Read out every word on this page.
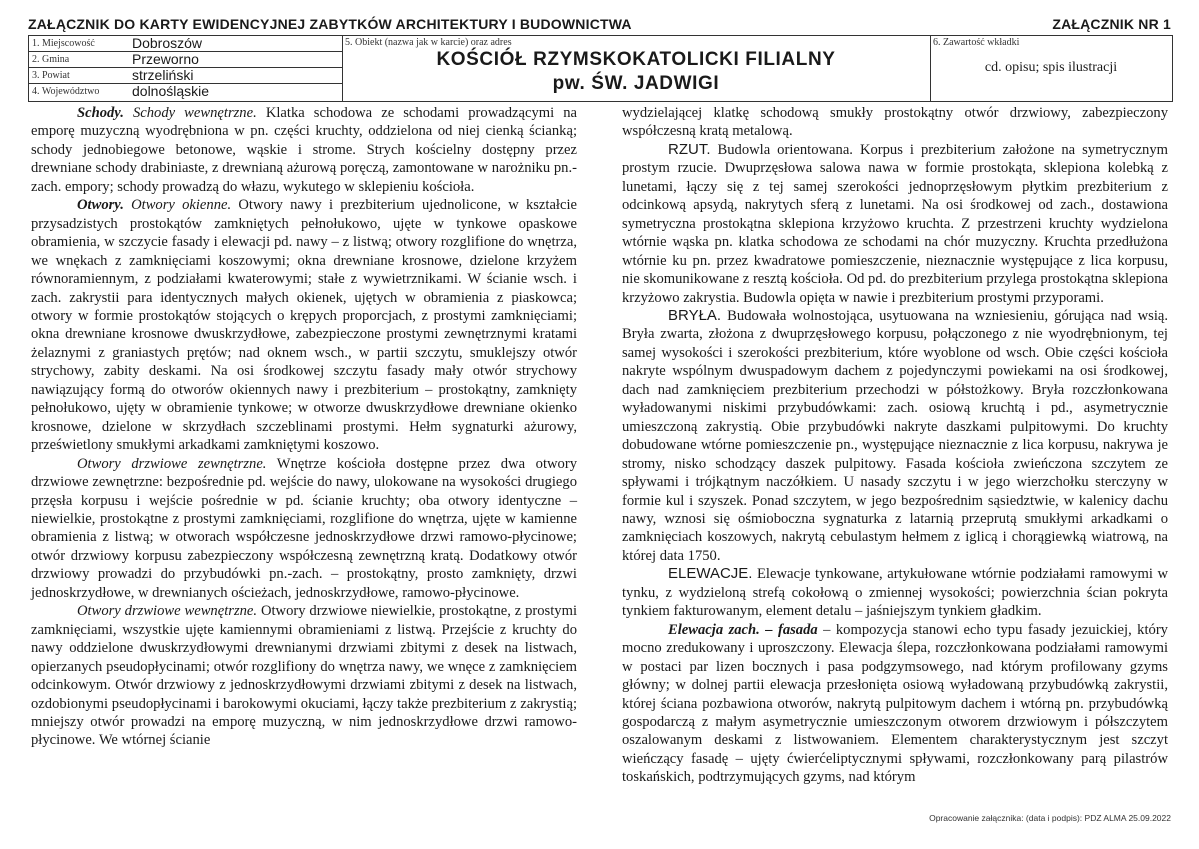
ZAŁĄCZNIK DO KARTY EWIDENCYJNEJ ZABYTKÓW ARCHITEKTURY I BUDOWNICTWA	ZAŁĄCZNIK NR 1
1. Miejscowość	Dobroszów
2. Gmina	Przeworno
3. Powiat	strzeliński
4. Województwo dolnośląskie
5. Obiekt (nazwa jak w karcie) oraz adres
KOŚCIÓŁ RZYMSKOKATOLICKI FILIALNY
pw. ŚW. JADWIGI
6. Zawartość wkładki
cd. opisu; spis ilustracji

Schody. Schody wewnętrzne. Klatka schodowa ze schodami prowadzącymi na emporę muzyczną wyodrębniona w pn. części kruchty, oddzielona od niej cienką ścianką; schody jednobiegowe betonowe, wąskie i strome. Strych kościelny dostępny przez drewniane schody drabiniaste, z drewnianą ażurową poręczą, zamontowane w narożniku pn.-zach. empory; schody prowadzą do włazu, wykutego w sklepieniu kościoła.

Otwory. Otwory okienne. Otwory nawy i prezbiterium ujednolicone, w kształcie przysadzistych prostokątów zamkniętych pełnołukowo, ujęte w tynkowe opaskowe obramienia, w szczycie fasady i elewacji pd. nawy – z listwą; otwory rozglifione do wnętrza, we wnękach z zamknięciami koszowymi; okna drewniane krosnowe, dzielone krzyżem równoramiennym, z podziałami kwaterowymi; stałe z wywietrznikami. W ścianie wsch. i zach. zakrystii para identycznych małych okienek, ujętych w obramienia z piaskowca; otwory w formie prostokątów stojących o krępych proporcjach, z prostymi zamknięciami; okna drewniane krosnowe dwuskrzydłowe, zabezpieczone prostymi zewnętrznymi kratami żelaznymi z graniastych prętów; nad oknem wsch., w partii szczytu, smuklejszy otwór strychowy, zabity deskami. Na osi środkowej szczytu fasady mały otwór strychowy nawiązujący formą do otworów okiennych nawy i prezbiterium – prostokątny, zamknięty pełnołukowo, ujęty w obramienie tynkowe; w otworze dwuskrzydłowe drewniane okienko krosnowe, dzielone w skrzydłach szczeblinami prostymi. Hełm sygnaturki ażurowy, prześwietlony smukłymi arkadkami zamkniętymi koszowo.

Otwory drzwiowe zewnętrzne. Wnętrze kościoła dostępne przez dwa otwory drzwiowe zewnętrzne: bezpośrednie pd. wejście do nawy, ulokowane na wysokości drugiego przęsła korpusu i wejście pośrednie w pd. ścianie kruchty; oba otwory identyczne – niewielkie, prostokątne z prostymi zamknięciami, rozglifione do wnętrza, ujęte w kamienne obramienia z listwą; w otworach współczesne jednoskrzydłowe drzwi ramowo-płycinowe; otwór drzwiowy korpusu zabezpieczony współczesną zewnętrzną kratą. Dodatkowy otwór drzwiowy prowadzi do przybudówki pn.-zach. – prostokątny, prosto zamknięty, drzwi jednoskrzydłowe, w drewnianych ościeżach, jednoskrzydłowe, ramowo-płycinowe.

Otwory drzwiowe wewnętrzne. Otwory drzwiowe niewielkie, prostokątne, z prostymi zamknięciami, wszystkie ujęte kamiennymi obramieniami z listwą. Przejście z kruchty do nawy oddzielone dwuskrzydłowymi drewnianymi drzwiami zbitymi z desek na listwach, opierzanych pseudopłycinami; otwór rozglifiony do wnętrza nawy, we wnęce z zamknięciem odcinkowym. Otwór drzwiowy z jednoskrzydłowymi drzwiami zbitymi z desek na listwach, ozdobionymi pseudopłycinami i barokowymi okuciami, łączy także prezbiterium z zakrystią; mniejszy otwór prowadzi na emporę muzyczną, w nim jednoskrzydłowe drzwi ramowo-płycinowe. We wtórnej ścianie

wydzielającej klatkę schodową smukły prostokątny otwór drzwiowy, zabezpieczony współczesną kratą metalową.

RZUT. Budowla orientowana. Korpus i prezbiterium założone na symetrycznym prostym rzucie. Dwuprzęsłowa salowa nawa w formie prostokąta, sklepiona kolebką z lunetami, łączy się z tej samej szerokości jednoprzęsłowym płytkim prezbiterium z odcinkową apsydą, nakrytych sferą z lunetami. Na osi środkowej od zach., dostawiona symetryczna prostokątna sklepiona krzyżowo kruchta. Z przestrzeni kruchty wydzielona wtórnie wąska pn. klatka schodowa ze schodami na chór muzyczny. Kruchta przedłużona wtórnie ku pn. przez kwadratowe pomieszczenie, nieznacznie występujące z lica korpusu, nie skomunikowane z resztą kościoła. Od pd. do prezbiterium przylega prostokątna sklepiona krzyżowo zakrystia. Budowla opięta w nawie i prezbiterium prostymi przyporami.

BRYŁA. Budowała wolnostojąca, usytuowana na wzniesieniu, górująca nad wsią. Bryła zwarta, złożona z dwuprzęsłowego korpusu, połączonego z nie wyodrębnionym, tej samej wysokości i szerokości prezbiterium, które wyoblone od wsch. Obie części kościoła nakryte wspólnym dwuspadowym dachem z pojedynczymi powiekami na osi środkowej, dach nad zamknięciem prezbiterium przechodzi w półstożkowy. Bryła rozczłonkowana wyładowanymi niskimi przybudówkami: zach. osiową kruchtą i pd., asymetrycznie umieszczoną zakrystią. Obie przybudówki nakryte daszkami pulpitowymi. Do kruchty dobudowane wtórne pomieszczenie pn., występujące nieznacznie z lica korpusu, nakrywa je stromy, nisko schodzący daszek pulpitowy. Fasada kościoła zwieńczona szczytem ze spływami i trójkątnym naczółkiem. U nasady szczytu i w jego wierzchołku sterczyny w formie kul i szyszek. Ponad szczytem, w jego bezpośrednim sąsiedztwie, w kalenicy dachu nawy, wznosi się ośmioboczna sygnaturka z latarnią przeprutą smukłymi arkadkami o zamknięciach koszowych, nakrytą cebulastym hełmem z iglicą i chorągiewką wiatrową, na której data 1750.

ELEWACJE. Elewacje tynkowane, artykułowane wtórnie podziałami ramowymi w tynku, z wydzieloną strefą cokołową o zmiennej wysokości; powierzchnia ścian pokryta tynkiem fakturowanym, element detalu – jaśniejszym tynkiem gładkim.

Elewacja zach. – fasada – kompozycja stanowi echo typu fasady jezuickiej, który mocno zredukowany i uproszczony. Elewacja ślepa, rozczłonkowana podziałami ramowymi w postaci par lizen bocznych i pasa podgzymsowego, nad którym profilowany gzyms główny; w dolnej partii elewacja przesłonięta osiową wyładowaną przybudówką zakrystii, której ściana pozbawiona otworów, nakrytą pulpitowym dachem i wtórną pn. przybudówką gospodarczą z małym asymetrycznie umieszczonym otworem drzwiowym i półszczytem oszalowanym deskami z listwowaniem. Elementem charakterystycznym jest szczyt wieńczący fasadę – ujęty ćwierćeliptycznymi spływami, rozczłonkowany parą pilastrów toskańskich, podtrzymujących gzyms, nad którym

Opracowanie załącznika: (data i podpis): PDZ ALMA 25.09.2022
